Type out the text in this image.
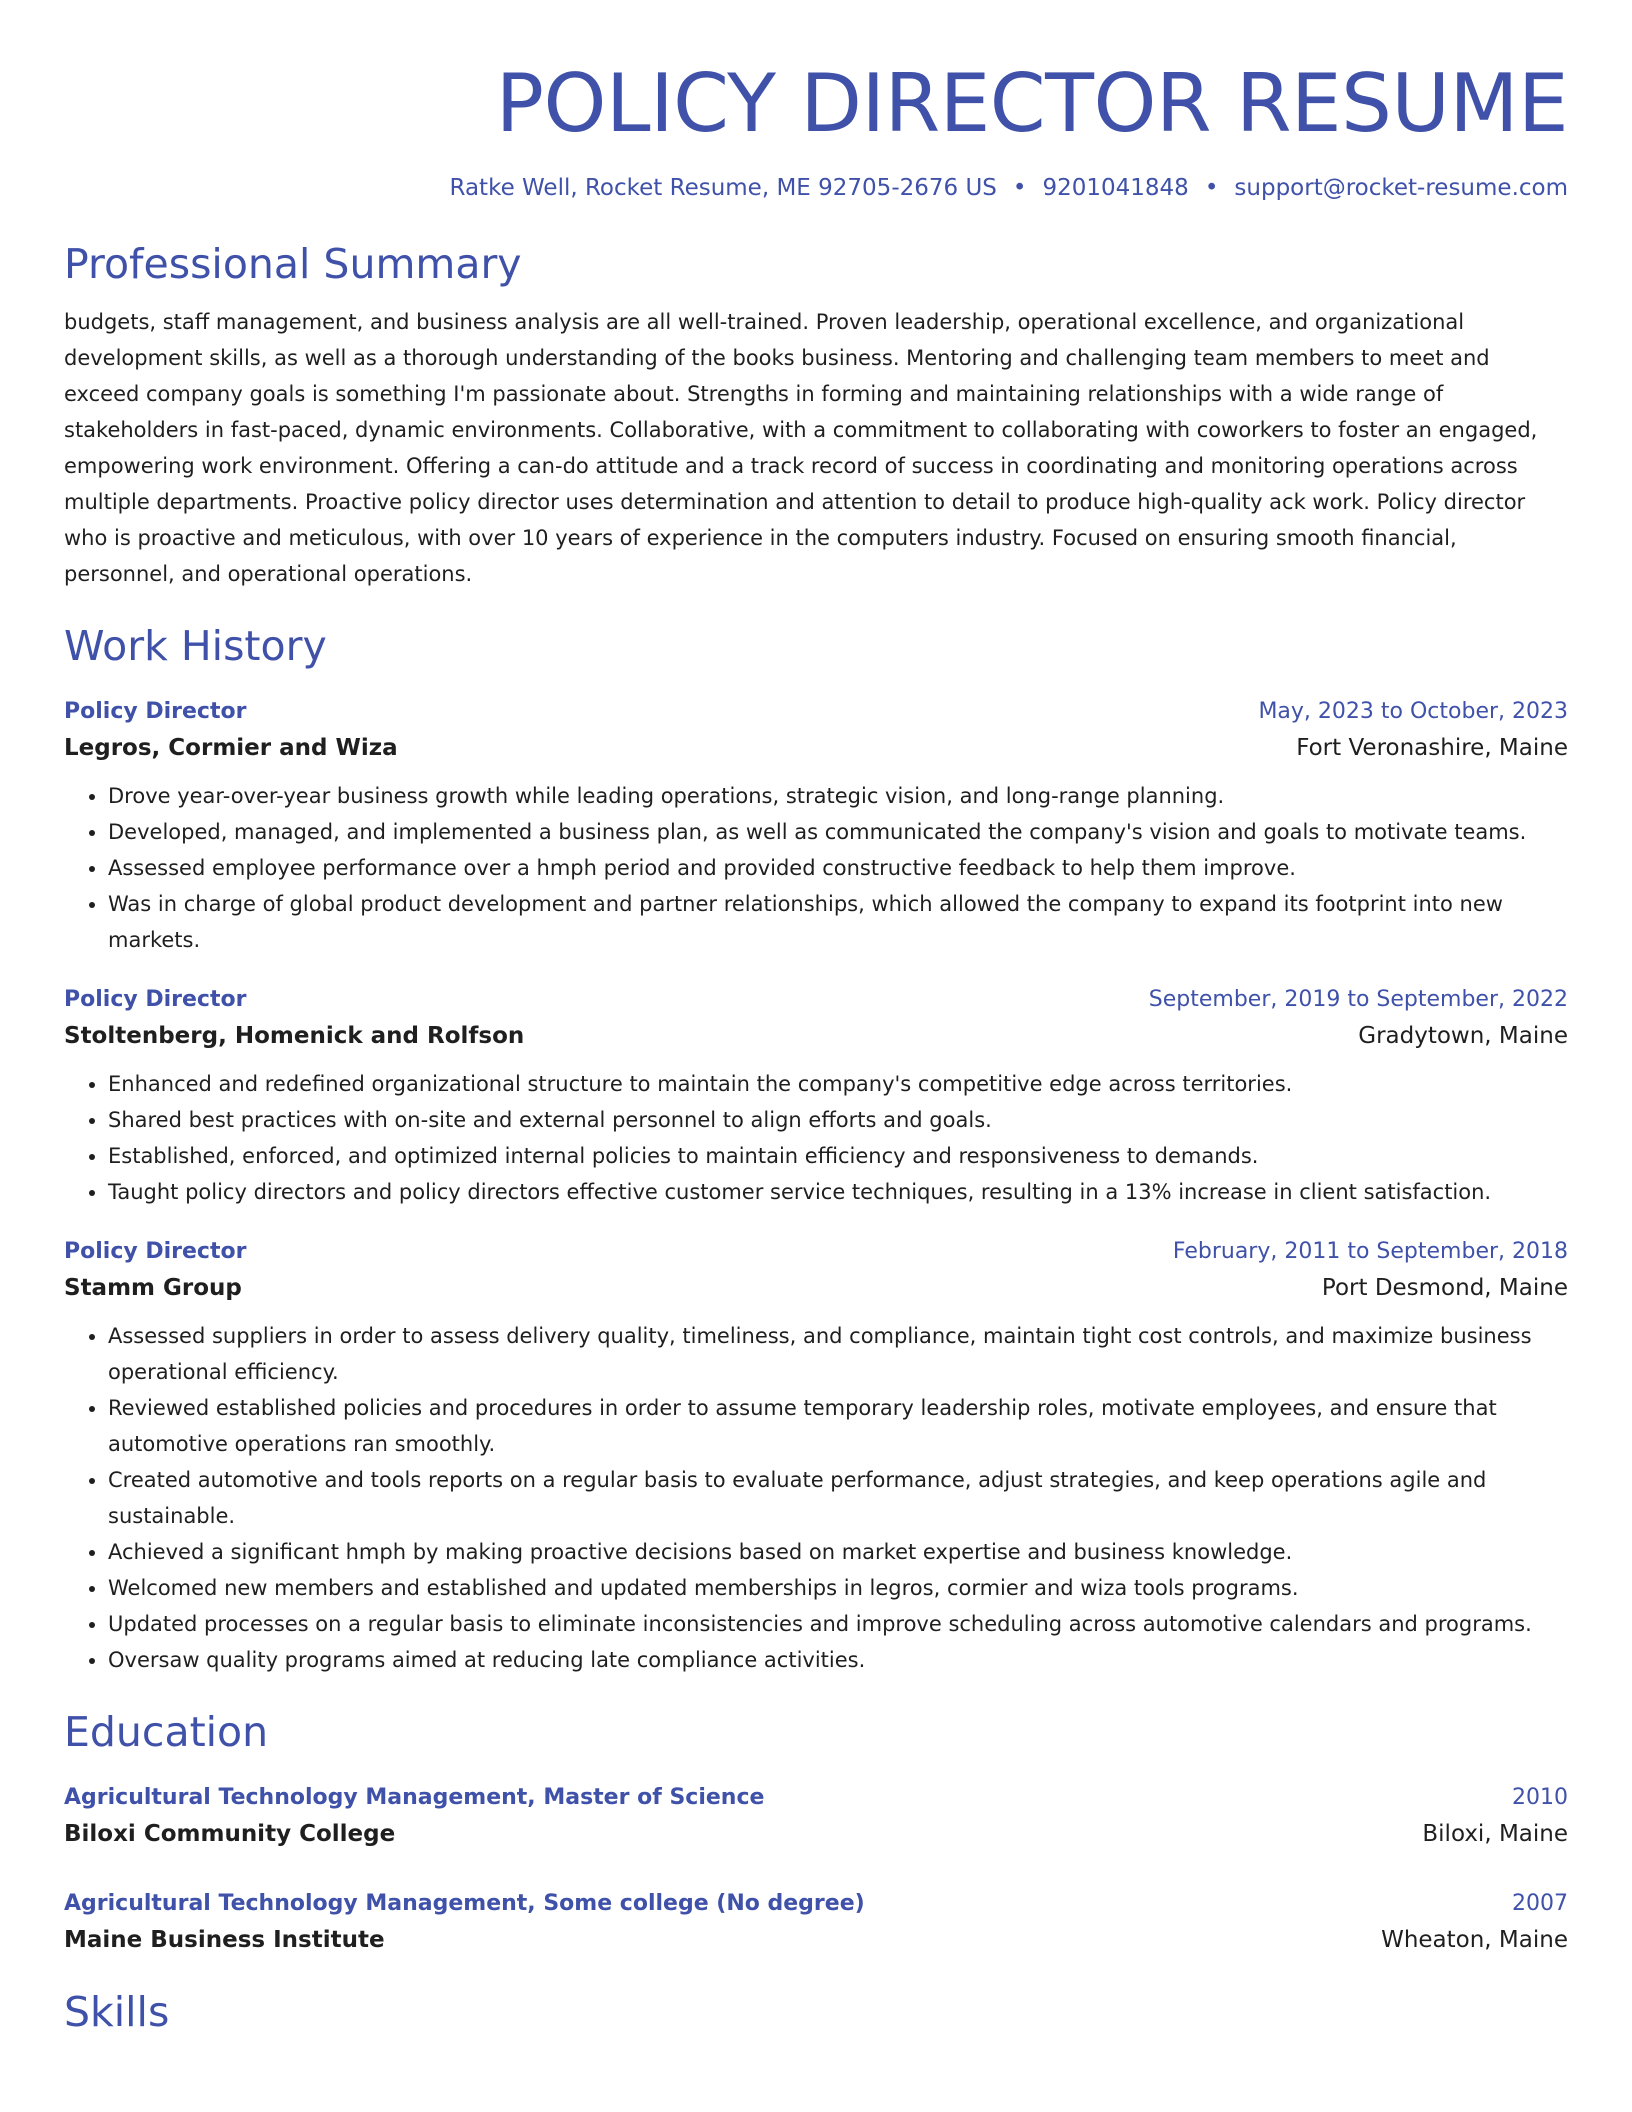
POLICY DIRECTOR RESUME
Ratke Well, Rocket Resume, ME 92705-2676 US • 9201041848 • support@rocket-resume.com
Professional Summary
budgets, staff management, and business analysis are all well-trained. Proven leadership, operational excellence, and organizational development skills, as well as a thorough understanding of the books business. Mentoring and challenging team members to meet and exceed company goals is something I'm passionate about. Strengths in forming and maintaining relationships with a wide range of stakeholders in fast-paced, dynamic environments. Collaborative, with a commitment to collaborating with coworkers to foster an engaged, empowering work environment. Offering a can-do attitude and a track record of success in coordinating and monitoring operations across multiple departments. Proactive policy director uses determination and attention to detail to produce high-quality ack work. Policy director who is proactive and meticulous, with over 10 years of experience in the computers industry. Focused on ensuring smooth financial, personnel, and operational operations.
Work History
Policy Director	May, 2023 to October, 2023
Legros, Cormier and Wiza	Fort Veronashire, Maine
• Drove year-over-year business growth while leading operations, strategic vision, and long-range planning.
• Developed, managed, and implemented a business plan, as well as communicated the company's vision and goals to motivate teams.
• Assessed employee performance over a hmph period and provided constructive feedback to help them improve.
• Was in charge of global product development and partner relationships, which allowed the company to expand its footprint into new markets.
Policy Director	September, 2019 to September, 2022
Stoltenberg, Homenick and Rolfson	Gradytown, Maine
• Enhanced and redefined organizational structure to maintain the company's competitive edge across territories.
• Shared best practices with on-site and external personnel to align efforts and goals.
• Established, enforced, and optimized internal policies to maintain efficiency and responsiveness to demands.
• Taught policy directors and policy directors effective customer service techniques, resulting in a 13% increase in client satisfaction.
Policy Director	February, 2011 to September, 2018
Stamm Group	Port Desmond, Maine
• Assessed suppliers in order to assess delivery quality, timeliness, and compliance, maintain tight cost controls, and maximize business operational efficiency.
• Reviewed established policies and procedures in order to assume temporary leadership roles, motivate employees, and ensure that automotive operations ran smoothly.
• Created automotive and tools reports on a regular basis to evaluate performance, adjust strategies, and keep operations agile and sustainable.
• Achieved a significant hmph by making proactive decisions based on market expertise and business knowledge.
• Welcomed new members and established and updated memberships in legros, cormier and wiza tools programs.
• Updated processes on a regular basis to eliminate inconsistencies and improve scheduling across automotive calendars and programs.
• Oversaw quality programs aimed at reducing late compliance activities.
Education
Agricultural Technology Management, Master of Science	2010
Biloxi Community College	Biloxi, Maine
Agricultural Technology Management, Some college (No degree)	2007
Maine Business Institute	Wheaton, Maine
Skills
